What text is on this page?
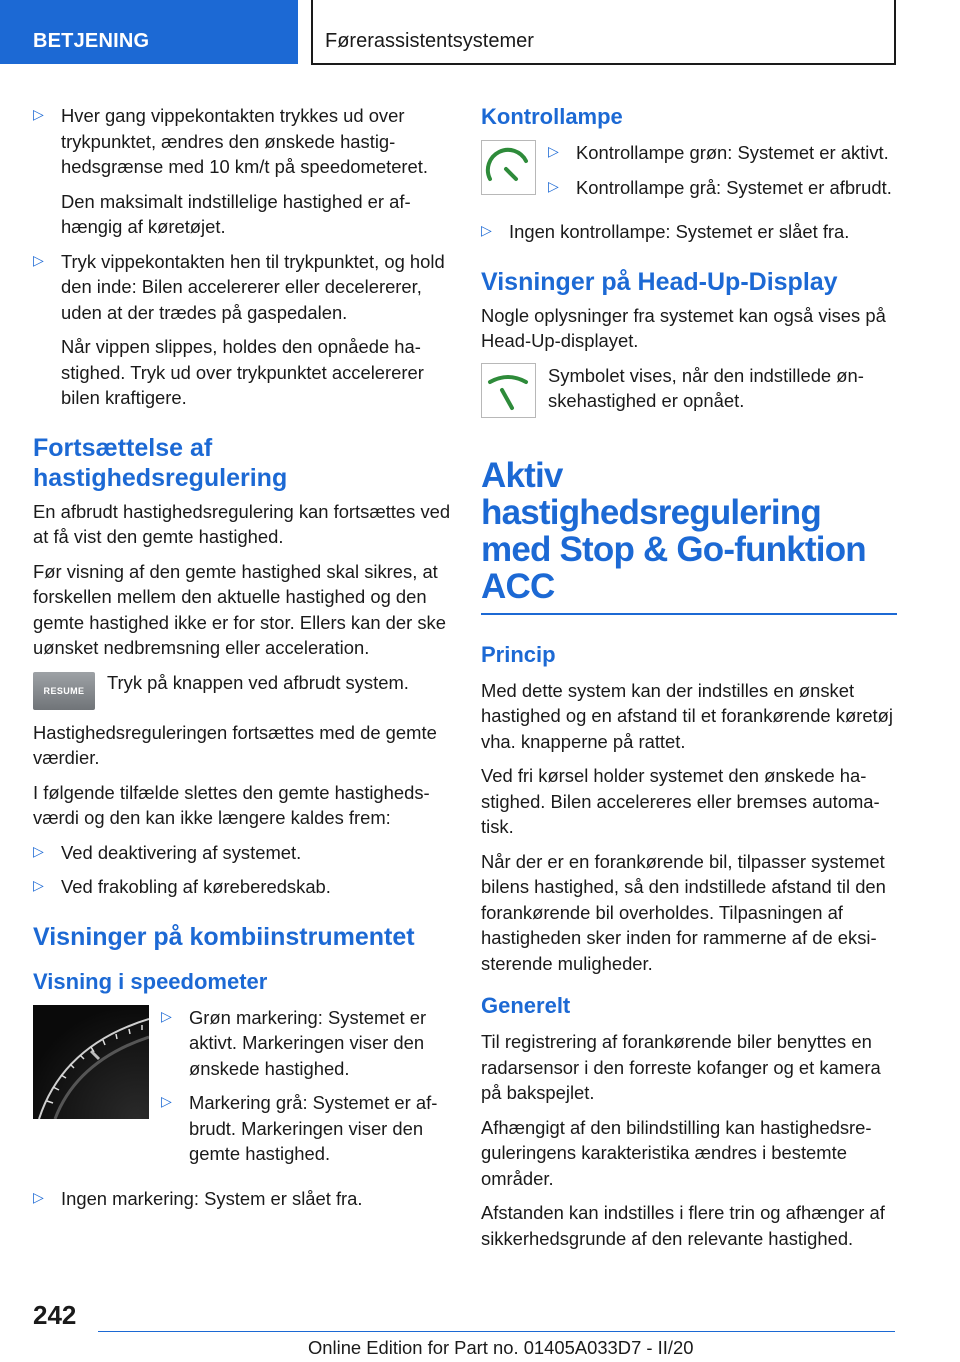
BETJENING	Førerassistentsystemer
▷ Hver gang vippekontakten trykkes ud over trykpunktet, ændres den ønskede hastighedsgrænse med 10 km/t på speedometeret.

Den maksimalt indstillelige hastighed er afhængig af køretøjet.

▷ Tryk vippekontakten hen til trykpunktet, og hold den inde: Bilen accelererer eller decelererer, uden at der trædes på gaspedalen.

Når vippen slippes, holdes den opnåede hastighed. Tryk ud over trykpunktet accelererer bilen kraftigere.

Fortsættelse af hastighedsregulering

En afbrudt hastighedsregulering kan fortsættes ved at få vist den gemte hastighed.

Før visning af den gemte hastighed skal sikres, at forskellen mellem den aktuelle hastighed og den gemte hastighed ikke er for stor. Ellers kan der ske uønsket nedbremsning eller acceleration.

RESUME	Tryk på knappen ved afbrudt system.

Hastighedsreguleringen fortsættes med de gemte værdier.

I følgende tilfælde slettes den gemte hastighedsværdi og den kan ikke længere kaldes frem:

▷ Ved deaktivering af systemet.

▷ Ved frakobling af køreberedskab.

Visninger på kombiinstrumentet
Visning i speedometer
▷ Grøn markering: Systemet er aktivt. Markeringen viser den ønskede hastighed.

▷ Markering grå: Systemet er afbrudt. Markeringen viser den gemte hastighed.

▷ Ingen markering: System er slået fra.

Kontrollampe
▷ Kontrollampe grøn: Systemet er aktivt.

▷ Kontrollampe grå: Systemet er afbrudt.

▷ Ingen kontrollampe: Systemet er slået fra.

Visninger på Head-Up-Display

Nogle oplysninger fra systemet kan også vises på Head-Up-displayet.

Symbolet vises, når den indstillede ønskehastighed er opnået.

Aktiv hastighedsregulering med Stop & Go-funktion ACC
Princip

Med dette system kan der indstilles en ønsket hastighed og en afstand til et forankørende køretøj vha. knapperne på rattet.

Ved fri kørsel holder systemet den ønskede hastighed. Bilen accelereres eller bremses automatisk.

Når der er en forankørende bil, tilpasser systemet bilens hastighed, så den indstillede afstand til den forankørende bil overholdes. Tilpasningen af hastigheden sker inden for rammerne af de eksisterende muligheder.

Generelt

Til registrering af forankørende biler benyttes en radarsensor i den forreste kofanger og et kamera på bakspejlet.

Afhængigt af den bilindstilling kan hastighedsreguleringens karakteristika ændres i bestemte områder.

Afstanden kan indstilles i flere trin og afhænger af sikkerhedsgrunde af den relevante hastighed.

242
Online Edition for Part no. 01405A033D7 - II/20
